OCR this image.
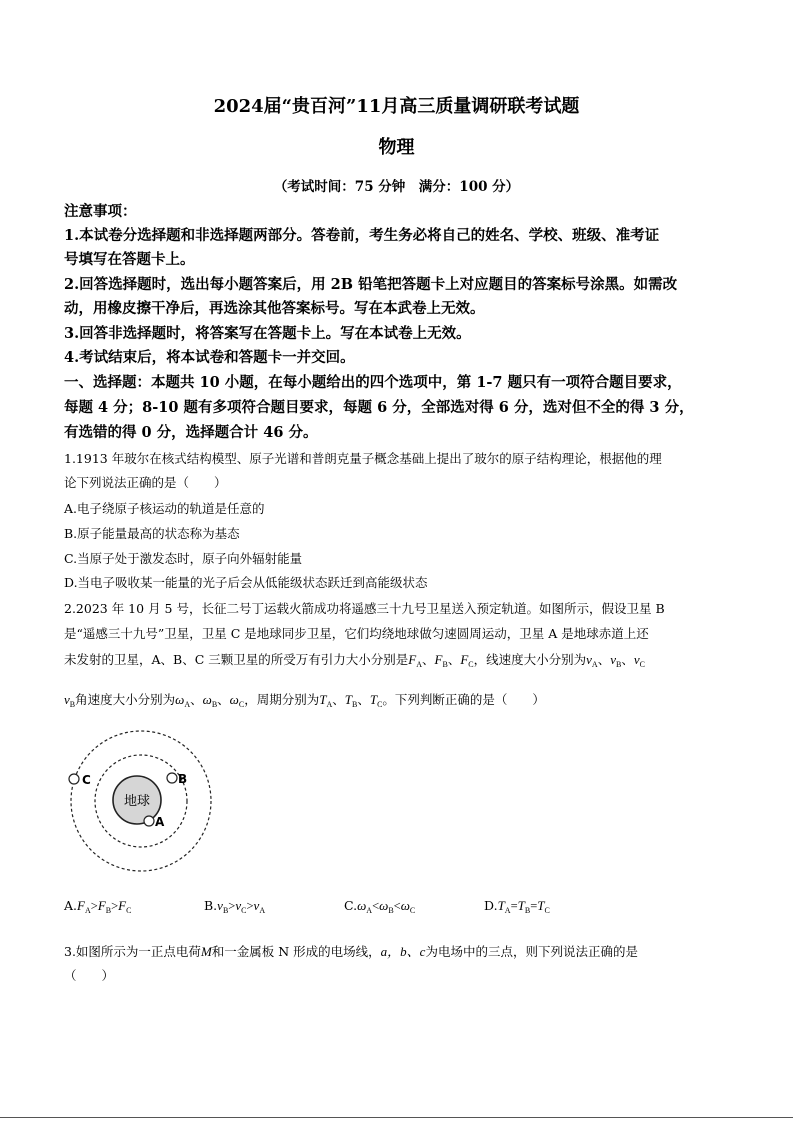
2024届“贵百河”11月高三质量调研联考试题
物理
（考试时间：75 分钟　满分：100 分）
注意事项：
1.本试卷分选择题和非选择题两部分。答卷前，考生务必将自己的姓名、学校、班级、准考证
号填写在答题卡上。
2.回答选择题时，选出每小题答案后，用 2B 铅笔把答题卡上对应题目的答案标号涂黑。如需改
动，用橡皮擦干净后，再选涂其他答案标号。写在本武卷上无效。
3.回答非选择题时，将答案写在答题卡上。写在本试卷上无效。
4.考试结束后，将本试卷和答题卡一并交回。
一、选择题：本题共 10 小题，在每小题给出的四个选项中，第 1-7 题只有一项符合题目要求，
每题 4 分；8-10 题有多项符合题目要求，每题 6 分，全部选对得 6 分，选对但不全的得 3 分，
有选错的得 0 分，选择题合计 46 分。
1.1913 年玻尔在核式结构模型、原子光谱和普朗克量子概念基础上提出了玻尔的原子结构理论，根据他的理
论下列说法正确的是（　　）
A.电子绕原子核运动的轨道是任意的
B.原子能量最高的状态称为基态
C.当原子处于激发态时，原子向外辐射能量
D.当电子吸收某一能量的光子后会从低能级状态跃迁到高能级状态
2.2023 年 10 月 5 号，长征二号丁运载火箭成功将遥感三十九号卫星送入预定轨道。如图所示，假设卫星 B
是“遥感三十九号”卫星，卫星 C 是地球同步卫星，它们均绕地球做匀速圆周运动，卫星 A 是地球赤道上还
未发射的卫星，A、B、C 三颗卫星的所受万有引力大小分别是$F_A$、$F_B$、$F_C$，线速度大小分别为$v_A$、$v_B$、$v_C$
$v_B$角速度大小分别为$\omega_A$、$\omega_B$、$\omega_C$，周期分别为$T_A$、$T_B$、$T_C$。下列判断正确的是（　　）
地球
C	B
A
$A.F_A>F_B>F_C$	$B.v_B>v_C>v_A$	$C.\omega_A<\omega_B<\omega_C$	$D.T_A=T_B=T_C$
3.如图所示为一正点电荷M和一金属板 N 形成的电场线，a，b、c为电场中的三点，则下列说法正确的是
（　　）
